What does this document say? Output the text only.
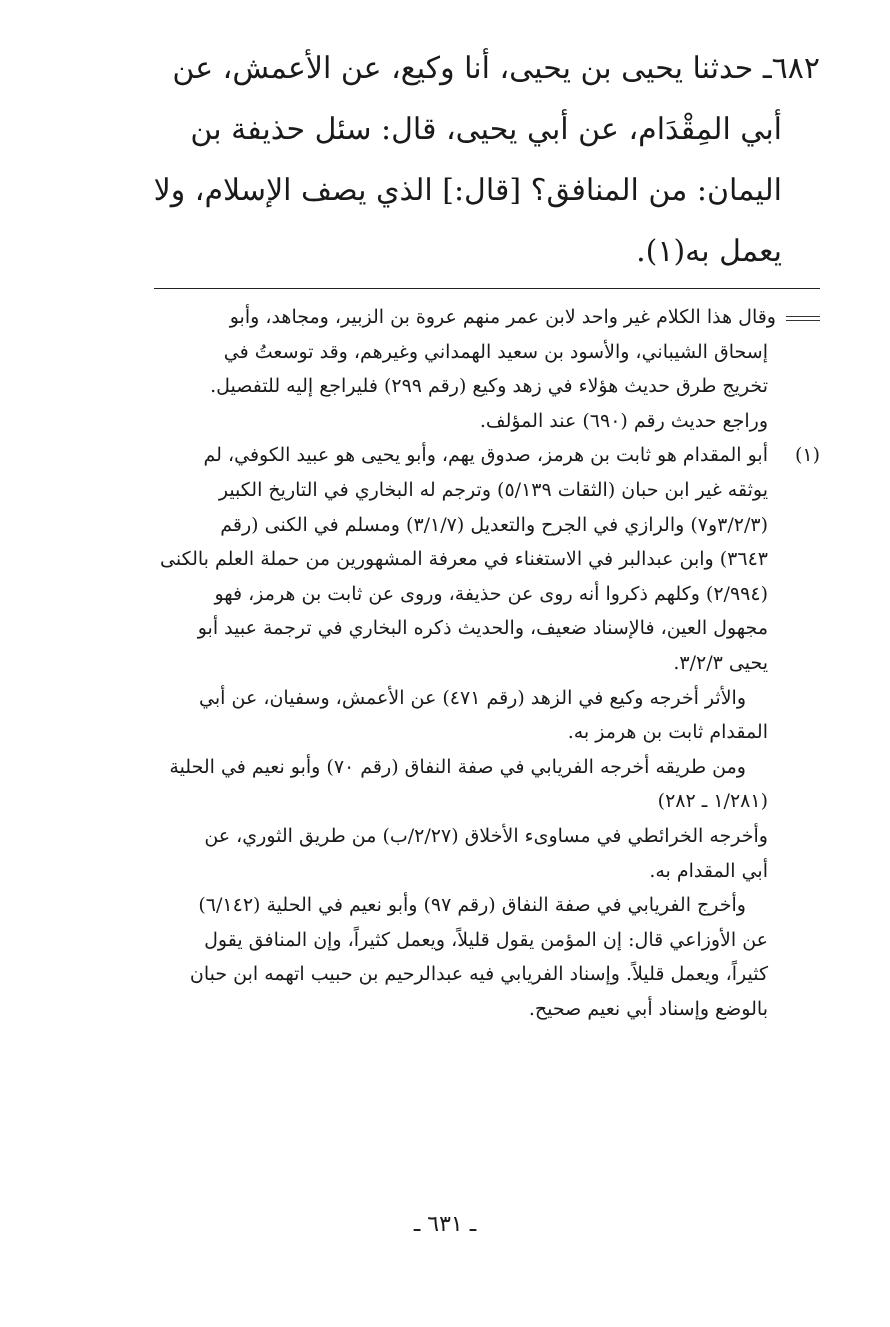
٦٨٢ـ حدثنا يحيى بن يحيى، أنا وكيع، عن الأعمش، عن
أبي المِقْدَام، عن أبي يحيى، قال: سئل حذيفة بن
اليمان: من المنافق؟ [قال:] الذي يصف الإسلام، ولا
يعمل به(١).
وقال هذا الكلام غير واحد لابن عمر منهم عروة بن الزبير، ومجاهد، وأبو
إسحاق الشيباني، والأسود بن سعيد الهمداني وغيرهم، وقد توسعتُ في
تخريج طرق حديث هؤلاء في زهد وكيع (رقم ٢٩٩) فليراجع إليه للتفصيل.
وراجع حديث رقم (٦٩٠) عند المؤلف.
(١)أبو المقدام هو ثابت بن هرمز، صدوق يهم، وأبو يحيى هو عبيد الكوفي، لم
يوثقه غير ابن حبان (الثقات ٥/١٣٩) وترجم له البخاري في التاريخ الكبير
(٣/٢/٣و٧) والرازي في الجرح والتعديل (٣/١/٧) ومسلم في الكنى (رقم
٣٦٤٣) وابن عبدالبر في الاستغناء في معرفة المشهورين من حملة العلم بالكنى
(٢/٩٩٤) وكلهم ذكروا أنه روى عن حذيفة، وروى عن ثابت بن هرمز، فهو
مجهول العين، فالإسناد ضعيف، والحديث ذكره البخاري في ترجمة عبيد أبو
يحيى ٣/٢/٣.
والأثر أخرجه وكيع في الزهد (رقم ٤٧١) عن الأعمش، وسفيان، عن أبي
المقدام ثابت بن هرمز به.
ومن طريقه أخرجه الفريابي في صفة النفاق (رقم ٧٠) وأبو نعيم في الحلية
(١/٢٨١ ـ ٢٨٢)
وأخرجه الخرائطي في مساوىء الأخلاق (٢/٢٧/ب) من طريق الثوري، عن
أبي المقدام به.
وأخرج الفريابي في صفة النفاق (رقم ٩٧) وأبو نعيم في الحلية (٦/١٤٢)
عن الأوزاعي قال: إن المؤمن يقول قليلاً، ويعمل كثيراً، وإن المنافق يقول
كثيراً، ويعمل قليلاً. وإسناد الفريابي فيه عبدالرحيم بن حبيب اتهمه ابن حبان
بالوضع وإسناد أبي نعيم صحيح.
ـ ٦٣١ ـ
